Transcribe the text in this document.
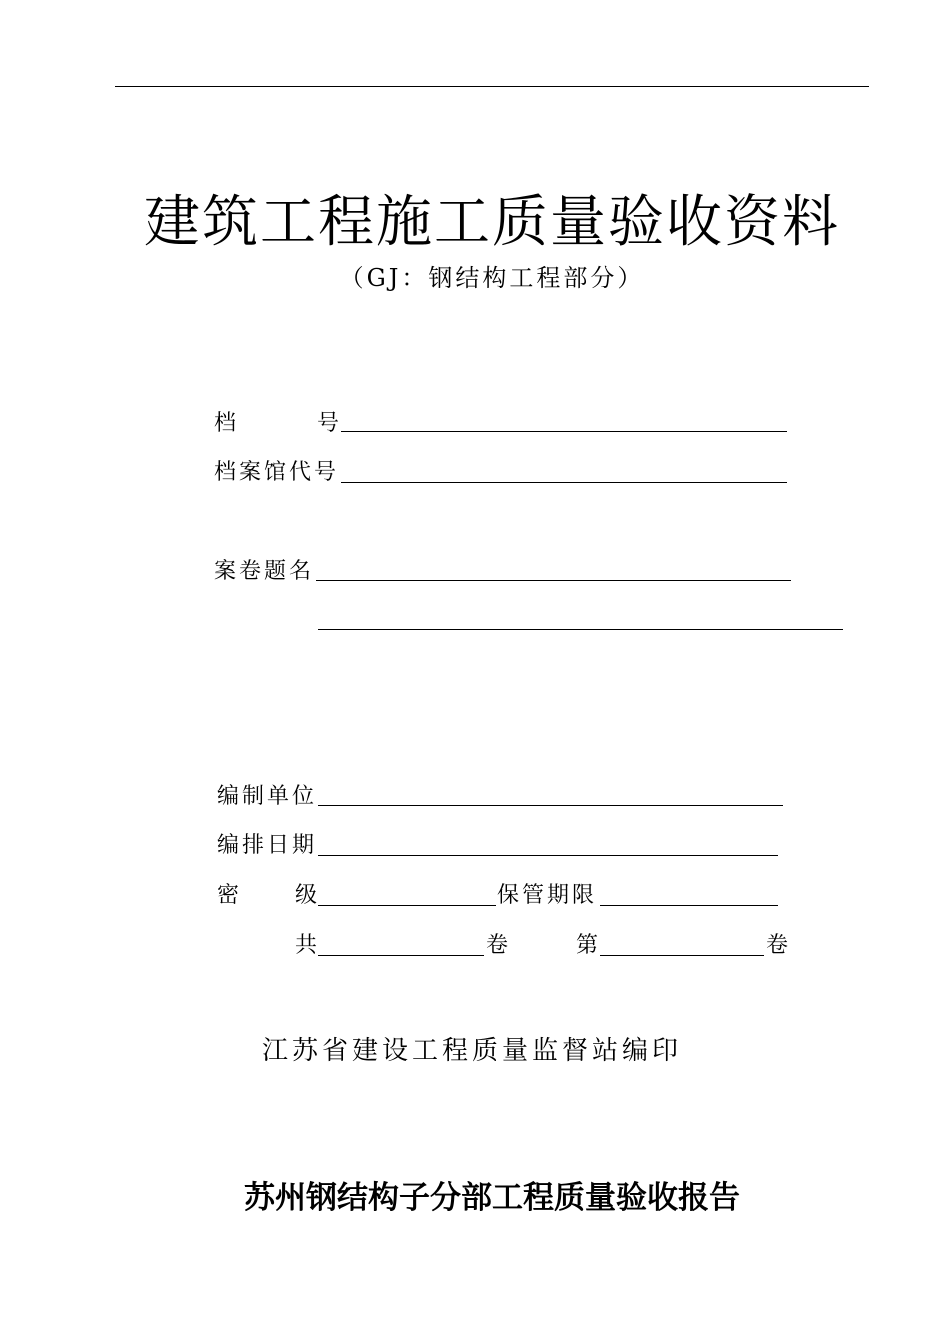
建筑工程施工质量验收资料
（GJ：钢结构工程部分）
档	号
档案馆代号
案卷题名
编制单位
编排日期
密 级	保管期限
共	卷	第	卷
江苏省建设工程质量监督站编印
苏州钢结构子分部工程质量验收报告
